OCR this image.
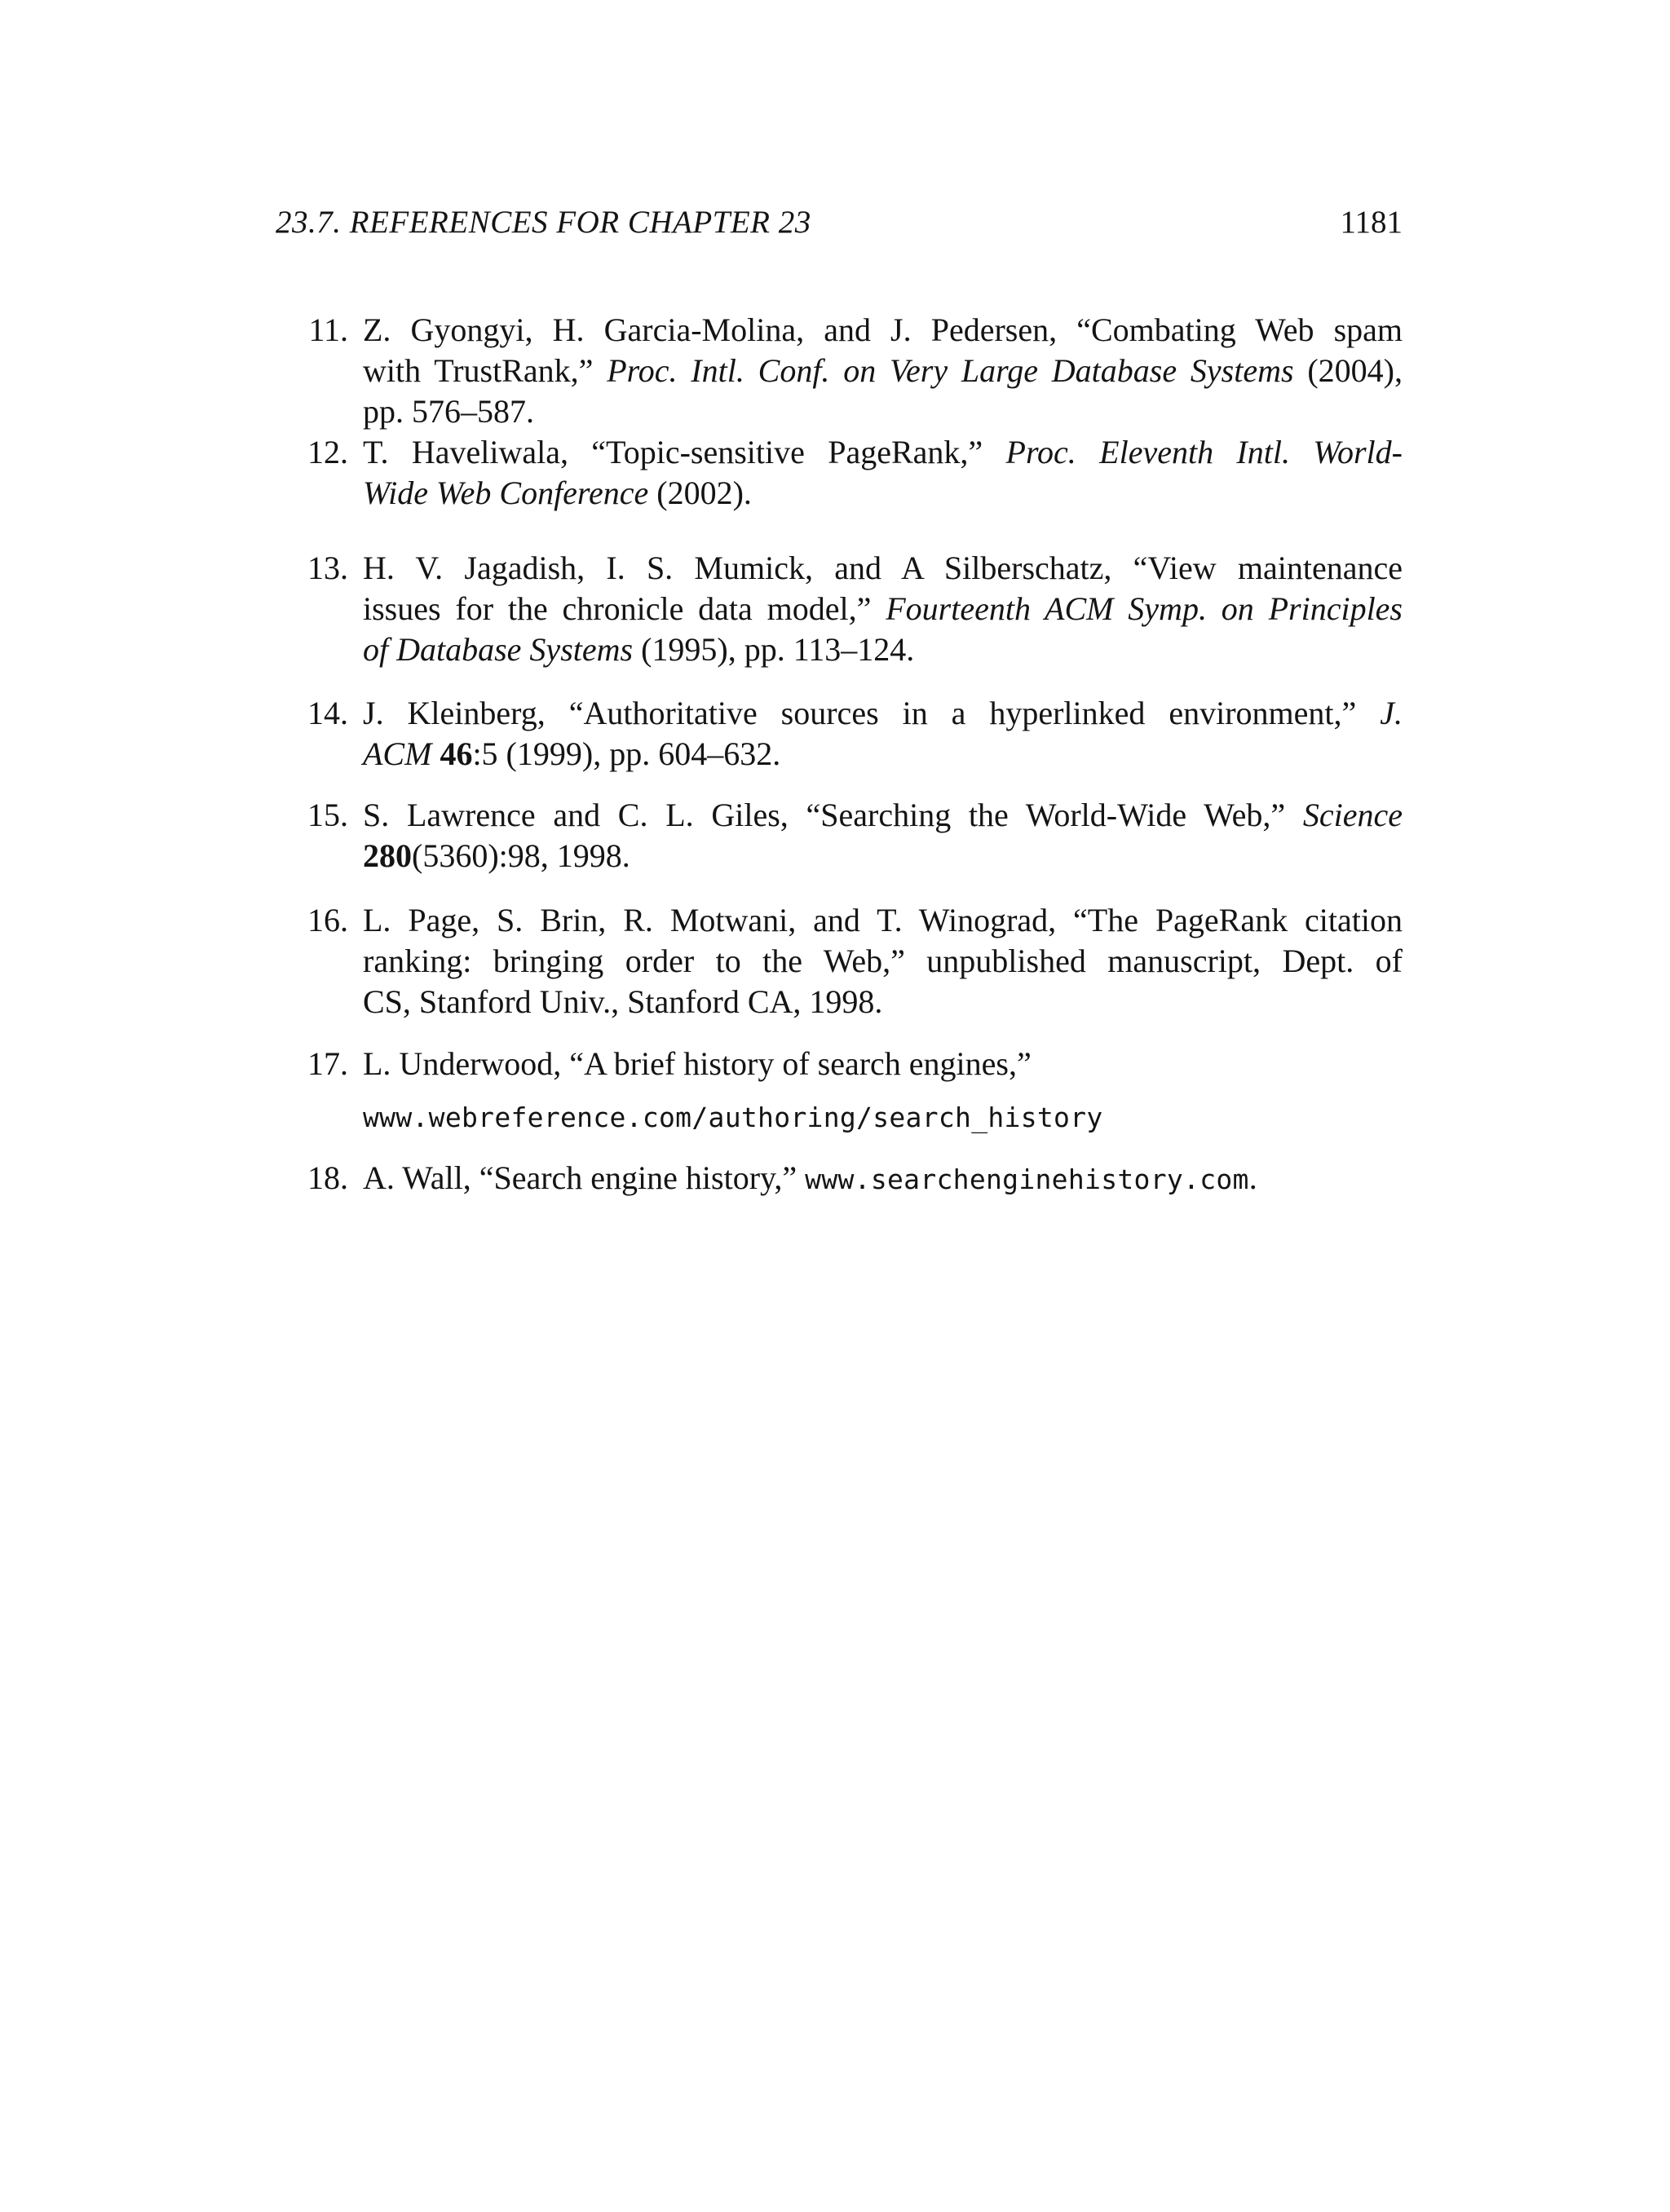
23.7. REFERENCES FOR CHAPTER 23	1181
11. Z. Gyongyi, H. Garcia-Molina, and J. Pedersen, “Combating Web spam
with TrustRank,” Proc. Intl. Conf. on Very Large Database Systems (2004),
pp. 576–587.
12. T. Haveliwala, “Topic-sensitive PageRank,” Proc. Eleventh Intl. World-
Wide Web Conference (2002).
13. H. V. Jagadish, I. S. Mumick, and A Silberschatz, “View maintenance
issues for the chronicle data model,” Fourteenth ACM Symp. on Principles
of Database Systems (1995), pp. 113–124.
14. J. Kleinberg, “Authoritative sources in a hyperlinked environment,” J.
ACM 46:5 (1999), pp. 604–632.
15. S. Lawrence and C. L. Giles, “Searching the World-Wide Web,” Science
280(5360):98, 1998.
16. L. Page, S. Brin, R. Motwani, and T. Winograd, “The PageRank citation
ranking: bringing order to the Web,” unpublished manuscript, Dept. of
CS, Stanford Univ., Stanford CA, 1998.
17. L. Underwood, “A brief history of search engines,”
www.webreference.com/authoring/search_history
18. A. Wall, “Search engine history,” www.searchenginehistory.com.
